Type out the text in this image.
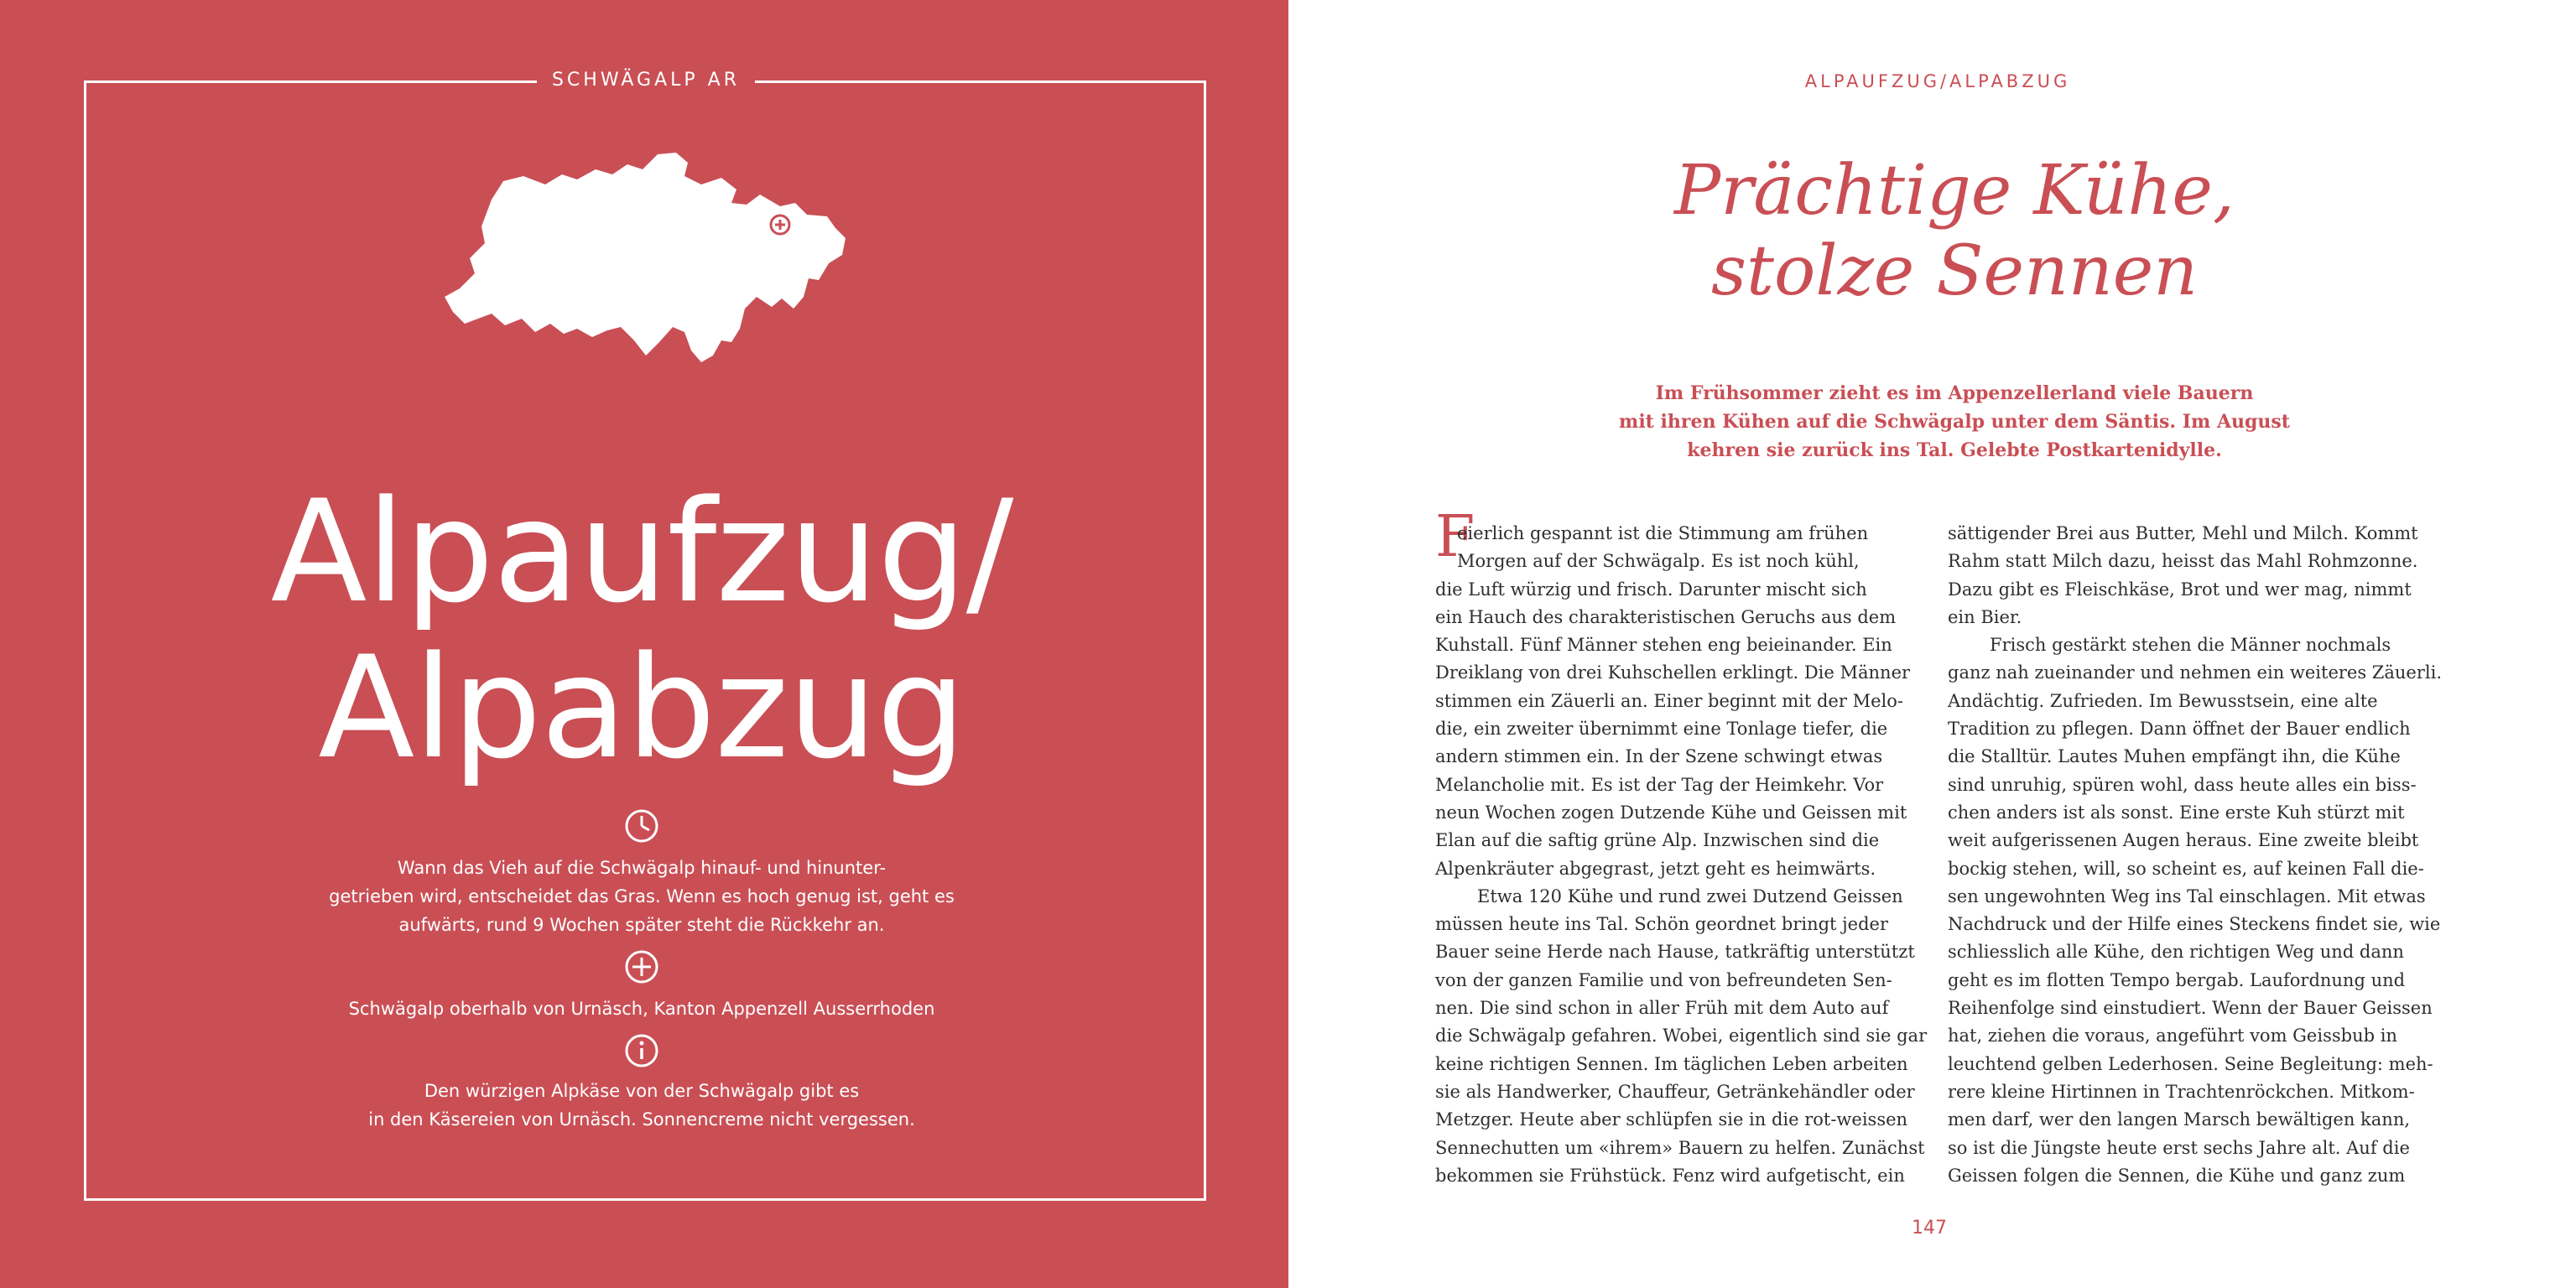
SCHWÄGALP AR
Alpaufzug/
Alpabzug
Wann das Vieh auf die Schwägalp hinauf- und hinunter-
getrieben wird, entscheidet das Gras. Wenn es hoch genug ist, geht es
aufwärts, rund 9 Wochen später steht die Rückkehr an.
Schwägalp oberhalb von Urnäsch, Kanton Appenzell Ausserrhoden
Den würzigen Alpkäse von der Schwägalp gibt es
in den Käsereien von Urnäsch. Sonnencreme nicht vergessen.
ALPAUFZUG/ALPABZUG
Prächtige Kühe,
stolze Sennen
Im Frühsommer zieht es im Appenzellerland viele Bauern
mit ihren Kühen auf die Schwägalp unter dem Säntis. Im August
kehren sie zurück ins Tal. Gelebte Postkartenidylle.
F
eierlich gespannt ist die Stimmung am frühen
Morgen auf der Schwägalp. Es ist noch kühl,
die Luft würzig und frisch. Darunter mischt sich
ein Hauch des charakteristischen Geruchs aus dem
Kuhstall. Fünf Männer stehen eng beieinander. Ein
Dreiklang von drei Kuhschellen erklingt. Die Männer
stimmen ein Zäuerli an. Einer beginnt mit der Melo-
die, ein zweiter übernimmt eine Tonlage tiefer, die
andern stimmen ein. In der Szene schwingt etwas
Melancholie mit. Es ist der Tag der Heimkehr. Vor
neun Wochen zogen Dutzende Kühe und Geissen mit
Elan auf die saftig grüne Alp. Inzwischen sind die
Alpenkräuter abgegrast, jetzt geht es heimwärts.
Etwa 120 Kühe und rund zwei Dutzend Geissen
müssen heute ins Tal. Schön geordnet bringt jeder
Bauer seine Herde nach Hause, tatkräftig unterstützt
von der ganzen Familie und von befreundeten Sen-
nen. Die sind schon in aller Früh mit dem Auto auf
die Schwägalp gefahren. Wobei, eigentlich sind sie gar
keine richtigen Sennen. Im täglichen Leben arbeiten
sie als Handwerker, Chauffeur, Getränkehändler oder
Metzger. Heute aber schlüpfen sie in die rot-weissen
Sennechutten um «ihrem» Bauern zu helfen. Zunächst
bekommen sie Frühstück. Fenz wird aufgetischt, ein
sättigender Brei aus Butter, Mehl und Milch. Kommt
Rahm statt Milch dazu, heisst das Mahl Rohmzonne.
Dazu gibt es Fleischkäse, Brot und wer mag, nimmt
ein Bier.
Frisch gestärkt stehen die Männer nochmals
ganz nah zueinander und nehmen ein weiteres Zäuerli.
Andächtig. Zufrieden. Im Bewusstsein, eine alte
Tradition zu pflegen. Dann öffnet der Bauer endlich
die Stalltür. Lautes Muhen empfängt ihn, die Kühe
sind unruhig, spüren wohl, dass heute alles ein biss-
chen anders ist als sonst. Eine erste Kuh stürzt mit
weit aufgerissenen Augen heraus. Eine zweite bleibt
bockig stehen, will, so scheint es, auf keinen Fall die-
sen ungewohnten Weg ins Tal einschlagen. Mit etwas
Nachdruck und der Hilfe eines Steckens findet sie, wie
schliesslich alle Kühe, den richtigen Weg und dann
geht es im flotten Tempo bergab. Laufordnung und
Reihenfolge sind einstudiert. Wenn der Bauer Geissen
hat, ziehen die voraus, angeführt vom Geissbub in
leuchtend gelben Lederhosen. Seine Begleitung: meh-
rere kleine Hirtinnen in Trachtenröckchen. Mitkom-
men darf, wer den langen Marsch bewältigen kann,
so ist die Jüngste heute erst sechs Jahre alt. Auf die
Geissen folgen die Sennen, die Kühe und ganz zum
147
